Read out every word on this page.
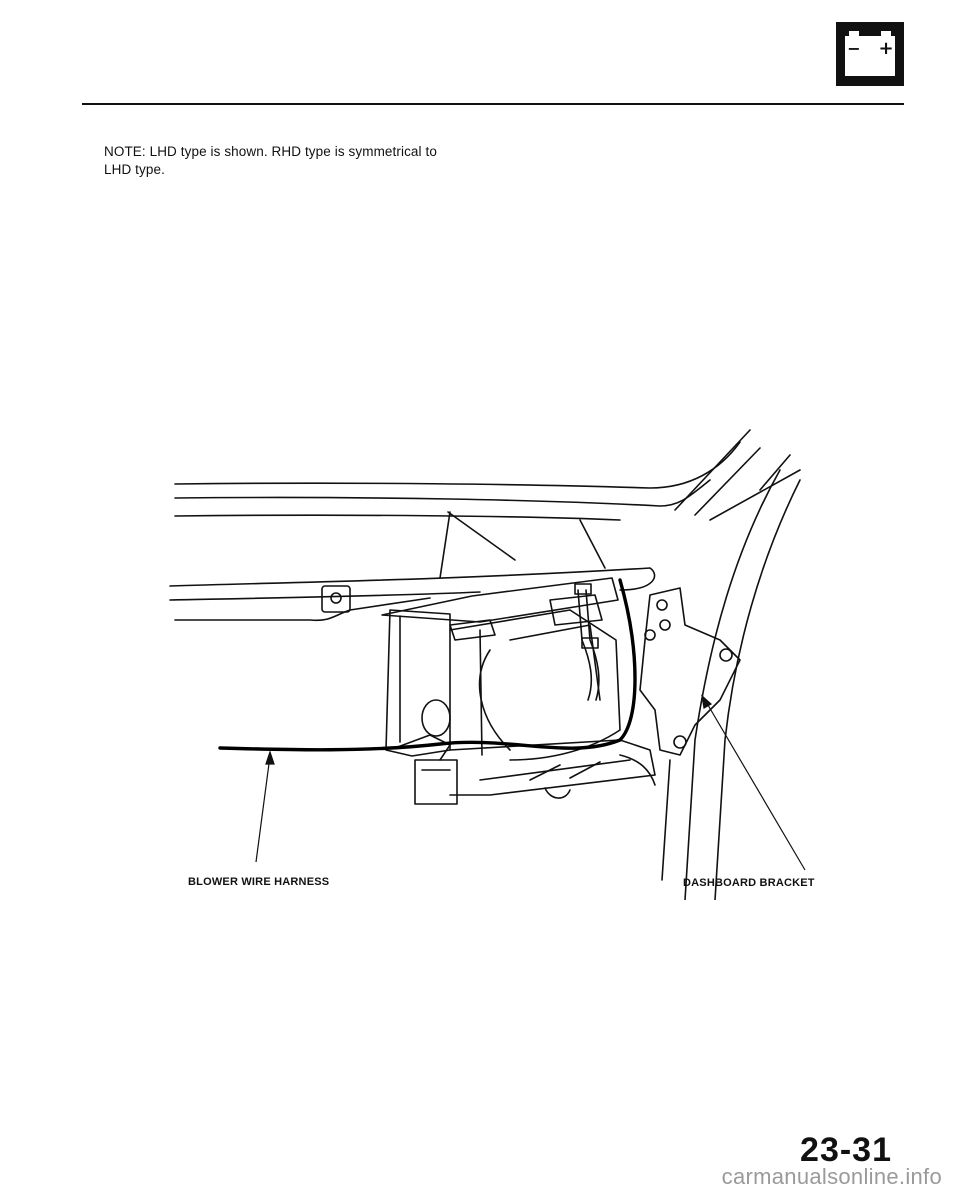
− +
NOTE: LHD type is shown. RHD type is symmetrical to
LHD type.
BLOWER WIRE HARNESS	DASHBOARD BRACKET
23-31
carmanualsonline.info
